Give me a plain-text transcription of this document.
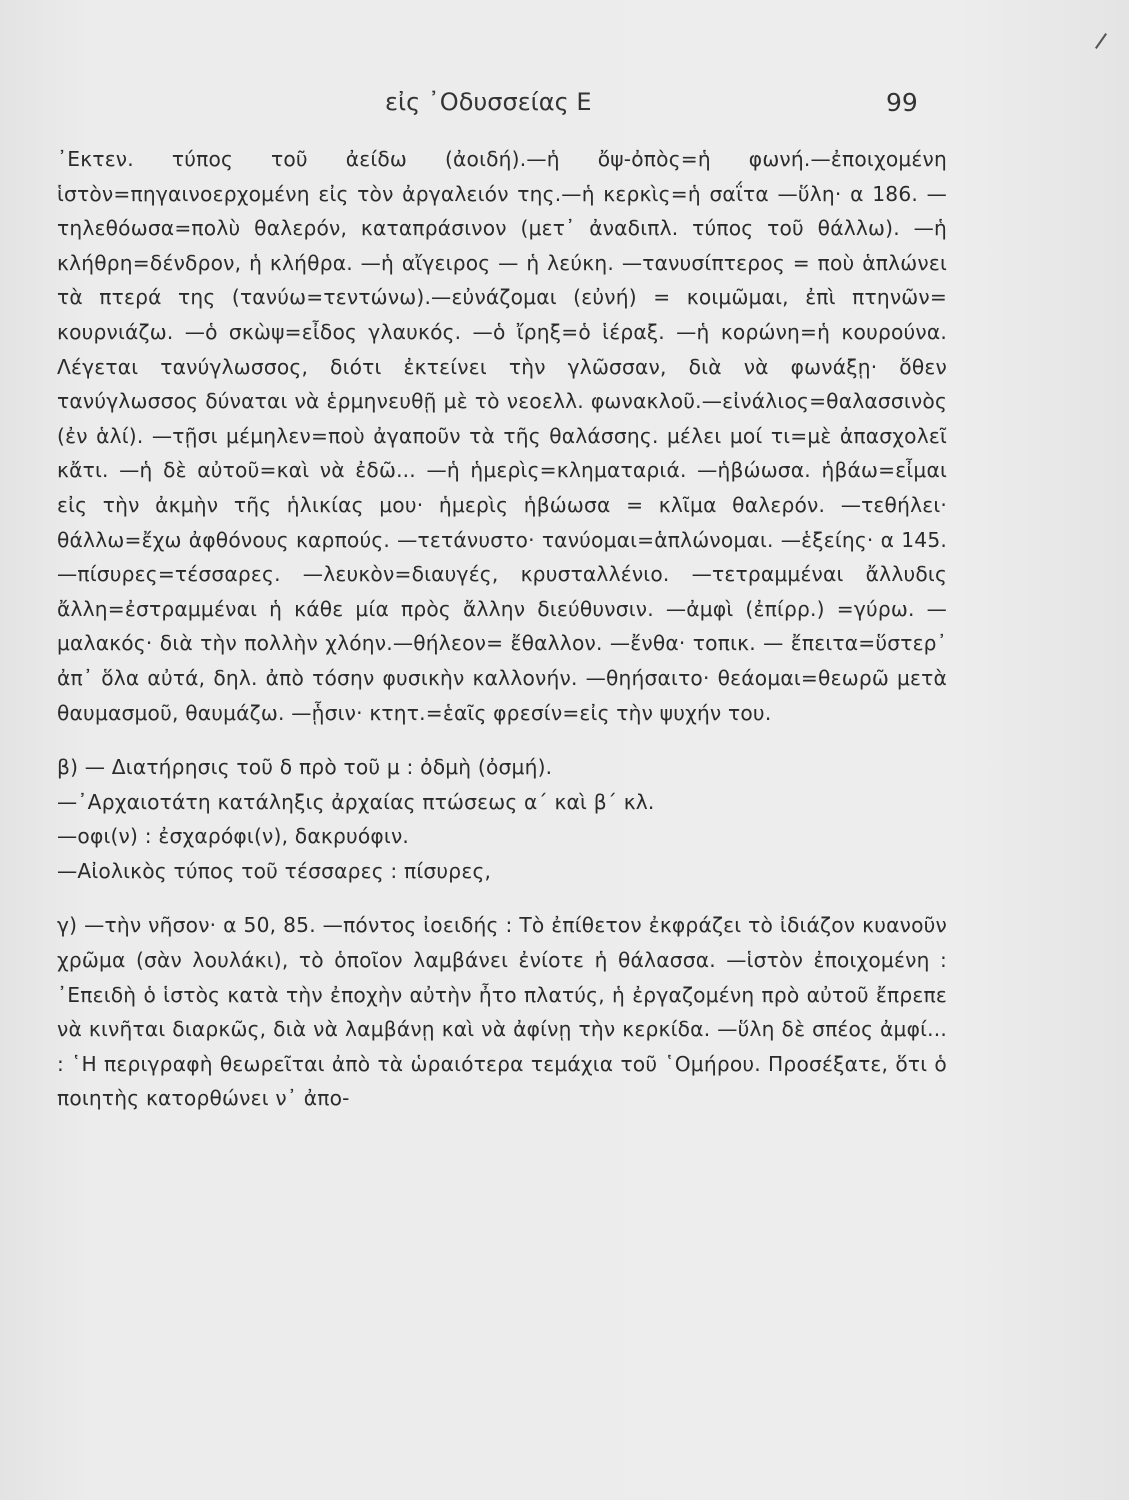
εἰς ᾿Οδυσσείας Ε	99

᾿Εκτεν. τύπος τοῦ ἀείδω (ἀοιδή).—ἡ ὄψ-ὀπὸς=ἡ φωνή.—ἐποιχομένη ἱστὸν=πηγαινοερχομένη εἰς τὸν ἀργαλειόν της.—ἡ κερκὶς=ἡ σαΐτα —ὕλη· α 186. —τηλεθόωσα=πολὺ θαλερόν, καταπράσινον (μετ᾿ ἀναδιπλ. τύπος τοῦ θάλλω). —ἡ κλήθρη=δένδρον, ἡ κλήθρα. —ἡ αἴγειρος — ἡ λεύκη. —τανυσίπτερος = ποὺ ἁπλώνει τὰ πτερά της (τανύω=τεντώνω).—εὐνάζομαι (εὐνή) = κοιμῶμαι, ἐπὶ πτηνῶν= κουρνιάζω. —ὁ σκὼψ=εἶδος γλαυκός. —ὁ ἴρηξ=ὁ ἱέραξ. —ἡ κορώνη=ἡ κουρούνα. Λέγεται τανύγλωσσος, διότι ἐκτείνει τὴν γλῶσσαν, διὰ νὰ φωνάξῃ· ὅθεν τανύγλωσσος δύναται νὰ ἑρμηνευθῇ μὲ τὸ νεοελλ. φωνακλοῦ.—εἰνάλιος=θαλασσινὸς (ἐν ἁλί). —τῇσι μέμηλεν=ποὺ ἀγαποῦν τὰ τῆς θαλάσσης. μέλει μοί τι=μὲ ἀπασχολεῖ κἄτι. —ἡ δὲ αὐτοῦ=καὶ νὰ ἐδῶ... —ἡ ἡμερὶς=κληματαριά. —ἡβώωσα. ἡβάω=εἶμαι εἰς τὴν ἀκμὴν τῆς ἡλικίας μου· ἡμερὶς ἡβώωσα = κλῖμα θαλερόν. —τεθήλει· θάλλω=ἔχω ἀφθόνους καρπούς. —τετάνυστο· τανύομαι=ἁπλώνομαι. —ἑξείης· α 145. —πίσυρες=τέσσαρες. —λευκὸν=διαυγές, κρυσταλλένιο. —τετραμμέναι ἄλλυδις ἄλλη=ἐστραμμέναι ἡ κάθε μία πρὸς ἄλλην διεύθυνσιν. —ἀμφὶ (ἐπίρρ.) =γύρω. —μαλακός· διὰ τὴν πολλὴν χλόην.—θήλεον= ἔθαλλον. —ἔνθα· τοπικ. — ἔπειτα=ὕστερ᾿ ἀπ᾿ ὅλα αὐτά, δηλ. ἀπὸ τόσην φυσικὴν καλλονήν. —θηήσαιτο· θεάομαι=θεωρῶ μετὰ θαυμασμοῦ, θαυμάζω. —ᾗσιν· κτητ.=ἑαῖς φρεσίν=εἰς τὴν ψυχήν του.

β) — Διατήρησις τοῦ δ πρὸ τοῦ μ : ὀδμὴ (ὀσμή).

—᾿Αρχαιοτάτη κατάληξις ἀρχαίας πτώσεως α΄ καὶ β΄ κλ.

—οφι(ν) : ἐσχαρόφι(ν), δακρυόφιν.

—Αἰολικὸς τύπος τοῦ τέσσαρες : πίσυρες,

γ) —τὴν νῆσον· α 50, 85. —πόντος ἰοειδής : Τὸ ἐπίθετον ἐκφράζει τὸ ἰδιάζον κυανοῦν χρῶμα (σὰν λουλάκι), τὸ ὁποῖον λαμβάνει ἐνίοτε ἡ θάλασσα. —ἱστὸν ἐποιχομένη : ᾿Επειδὴ ὁ ἱστὸς κατὰ τὴν ἐποχὴν αὐτὴν ἦτο πλατύς, ἡ ἐργαζομένη πρὸ αὐτοῦ ἔπρεπε νὰ κινῆται διαρκῶς, διὰ νὰ λαμβάνῃ καὶ νὰ ἀφίνῃ τὴν κερκίδα. —ὕλη δὲ σπέος ἀμφί... : ῾Η περιγραφὴ θεωρεῖται ἀπὸ τὰ ὡραιότερα τεμάχια τοῦ ῾Ομήρου. Προσέξατε, ὅτι ὁ ποιητὴς κατορθώνει ν᾿ ἀπο-
